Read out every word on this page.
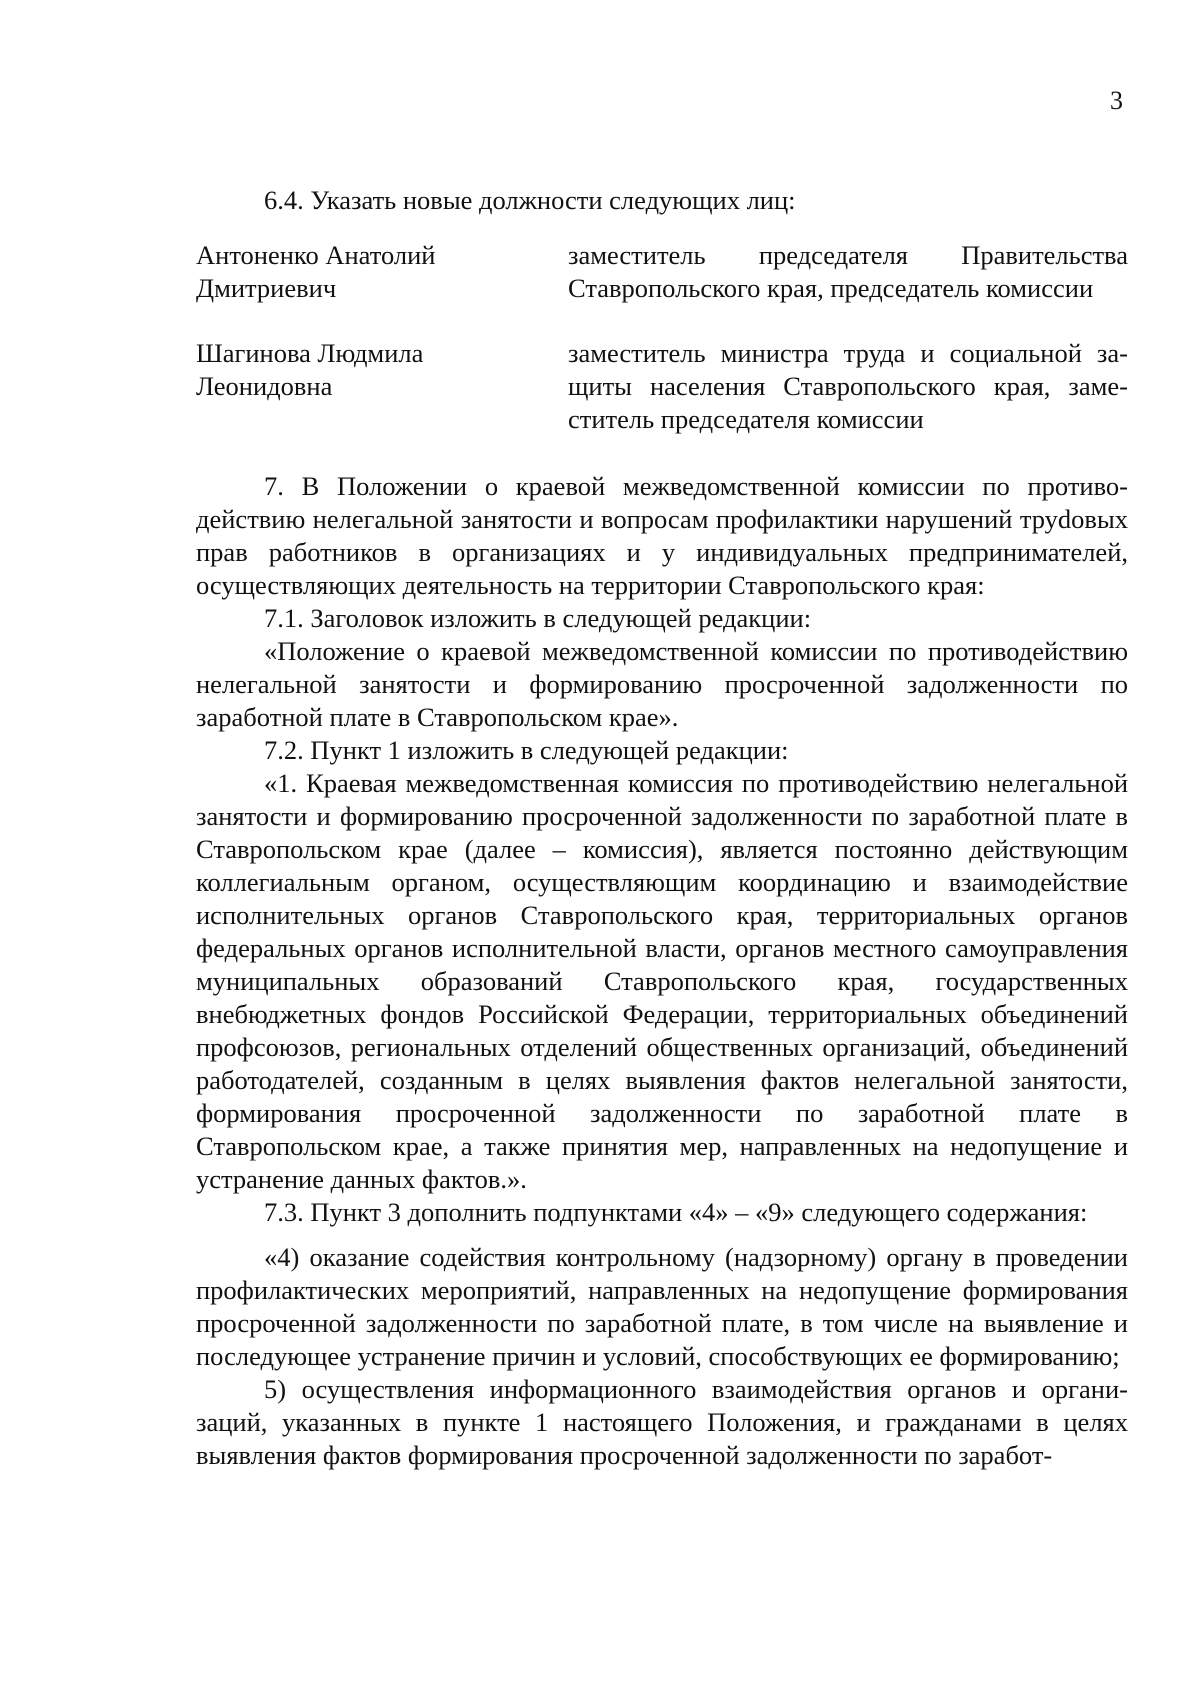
3

6.4. Указать новые должности следующих лиц:

Антоненко Анатолий
Дмитриевич
заместитель председателя Правительства Ставропольского края, председатель комиссии
Шагинова Людмила
Леонидовна
заместитель министра труда и социальной защиты населения Ставропольского края, заместитель председателя комиссии

7. В Положении о краевой межведомственной комиссии по противодействию нелегальной занятости и вопросам профилактики нарушений труdовых прав работников в организациях и у индивидуальных предпринимателей, осуществляющих деятельность на территории Ставропольского края:

7.1. Заголовок изложить в следующей редакции:

«Положение о краевой межведомственной комиссии по противодействию нелегальной занятости и формированию просроченной задолженности по заработной плате в Ставропольском крае».

7.2. Пункт 1 изложить в следующей редакции:

«1. Краевая межведомственная комиссия по противодействию нелегальной занятости и формированию просроченной задолженности по заработной плате в Ставропольском крае (далее – комиссия), является постоянно действующим коллегиальным органом, осуществляющим координацию и взаимодействие исполнительных органов Ставропольского края, территориальных органов федеральных органов исполнительной власти, органов местного самоуправления муниципальных образований Ставропольского края, государственных внебюджетных фондов Российской Федерации, территориальных объединений профсоюзов, региональных отделений общественных организаций, объединений работодателей, созданным в целях выявления фактов нелегальной занятости, формирования просроченной задолженности по заработной плате в Ставропольском крае, а также принятия мер, направленных на недопущение и устранение данных фактов.».

7.3. Пункт 3 дополнить подпунктами «4» – «9» следующего содержания:

«4) оказание содействия контрольному (надзорному) органу в проведении профилактических мероприятий, направленных на недопущение формирования просроченной задолженности по заработной плате, в том числе на выявление и последующее устранение причин и условий, способствующих ее формированию;

5) осуществления информационного взаимодействия органов и организаций, указанных в пункте 1 настоящего Положения, и гражданами в целях выявления фактов формирования просроченной задолженности по заработ-
